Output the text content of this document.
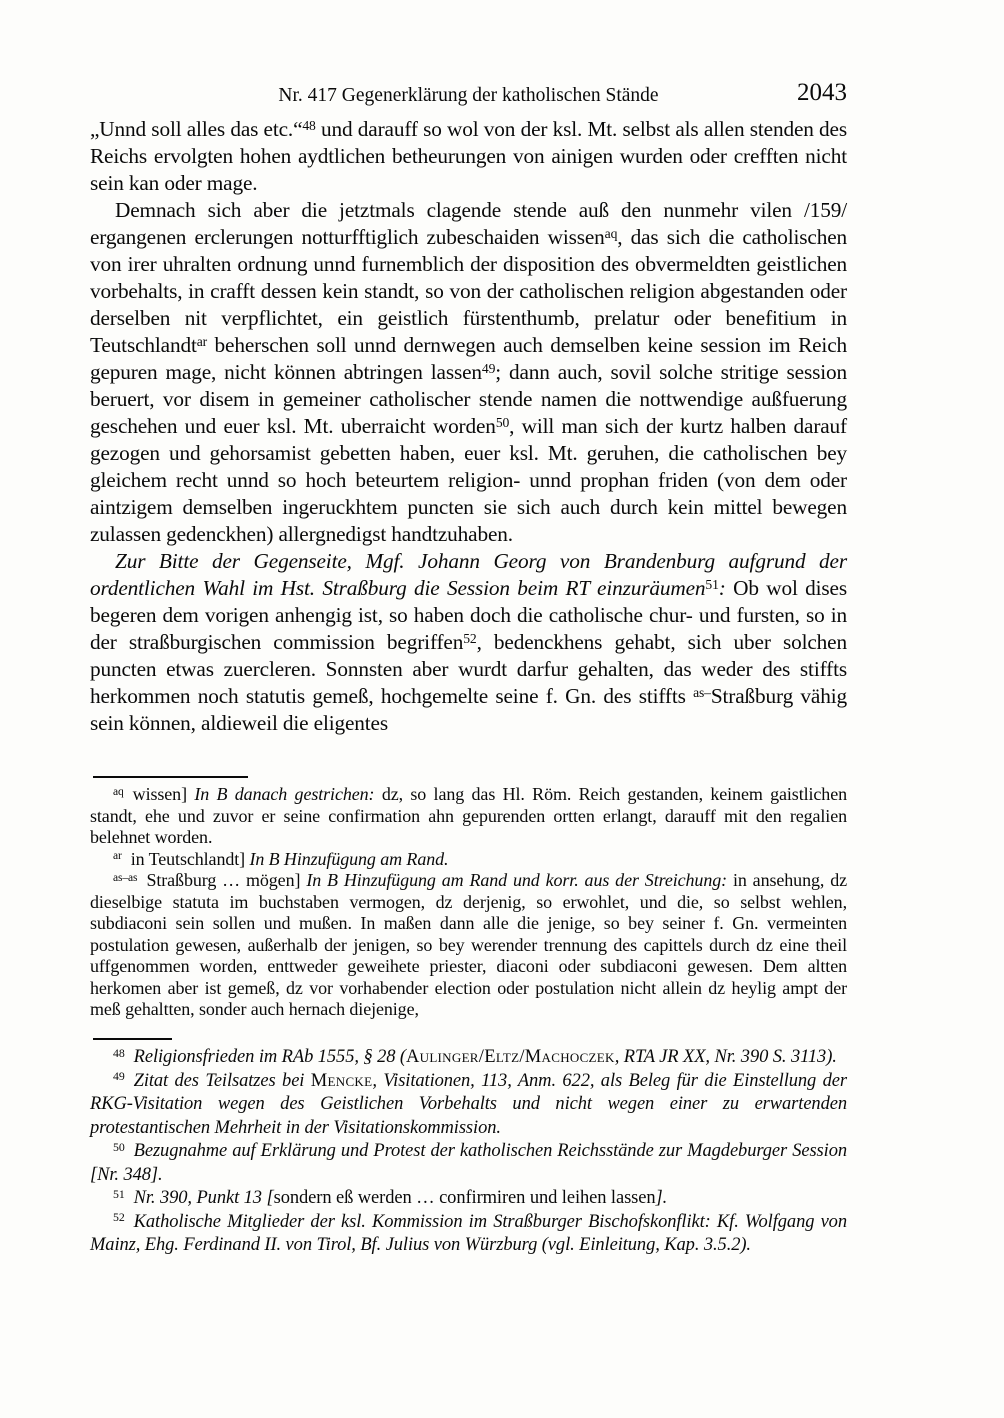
Nr. 417 Gegenerklärung der katholischen Stände	2043

„Unnd soll alles das etc.“$^{48}$ und darauff so wol von der ksl. Mt. selbst als allen stenden des Reichs ervolgten hohen aydtlichen betheurungen von ainigen wurden oder crefften nicht sein kan oder mage.

Demnach sich aber die jetztmals clagende stende auß den nunmehr vilen /159/ ergangenen erclerungen notturfftiglich zubeschaiden wissen$^{aq}$, das sich die catholischen von irer uhralten ordnung unnd furnemblich der disposition des obvermeldten geistlichen vorbehalts, in crafft dessen kein standt, so von der catholischen religion abgestanden oder derselben nit verpflichtet, ein geistlich fürstenthumb, prelatur oder benefitium in Teutschlandt$^{ar}$ beherschen soll unnd dernwegen auch demselben keine session im Reich gepuren mage, nicht können abtringen lassen$^{49}$; dann auch, sovil solche stritige session beruert, vor disem in gemeiner catholischer stende namen die nottwendige außfuerung geschehen und euer ksl. Mt. uberraicht worden$^{50}$, will man sich der kurtz halben darauf gezogen und gehorsamist gebetten haben, euer ksl. Mt. geruhen, die catholischen bey gleichem recht unnd so hoch beteurtem religion- unnd prophan friden (von dem oder aintzigem demselben ingeruckhtem puncten sie sich auch durch kein mittel bewegen zulassen gedenckhen) allergnedigst handtzuhaben.

Zur Bitte der Gegenseite, Mgf. Johann Georg von Brandenburg aufgrund der ordentlichen Wahl im Hst. Straßburg die Session beim RT einzuräumen$^{51}$: Ob wol dises begeren dem vorigen anhengig ist, so haben doch die catholische chur- und fursten, so in der straßburgischen commission begriffen$^{52}$, bedenckhens gehabt, sich uber solchen puncten etwas zuercleren. Sonnsten aber wurdt darfur gehalten, das weder des stiffts herkommen noch statutis gemeß, hochgemelte seine f. Gn. des stiffts $^{as-}$Straßburg vähig sein können, aldieweil die eligentes

$^{aq}$ wissen] In B danach gestrichen: dz, so lang das Hl. Röm. Reich gestanden, keinem gaistlichen standt, ehe und zuvor er seine confirmation ahn gepurenden ortten erlangt, darauff mit den regalien belehnet worden.

$^{ar}$ in Teutschlandt] In B Hinzufügung am Rand.

$^{as-as}$ Straßburg … mögen] In B Hinzufügung am Rand und korr. aus der Streichung: in ansehung, dz dieselbige statuta im buchstaben vermogen, dz derjenig, so erwohlet, und die, so selbst wehlen, subdiaconi sein sollen und mußen. In maßen dann alle die jenige, so bey seiner f. Gn. vermeinten postulation gewesen, außerhalb der jenigen, so bey werender trennung des capittels durch dz eine theil uffgenommen worden, enttweder geweihete priester, diaconi oder subdiaconi gewesen. Dem altten herkomen aber ist gemeß, dz vor vorhabender election oder postulation nicht allein dz heylig ampt der meß gehaltten, sonder auch hernach diejenige,

$^{48}$ Religionsfrieden im RAb 1555, § 28 (Aulinger/Eltz/Machoczek, RTA JR XX, Nr. 390 S. 3113).

$^{49}$ Zitat des Teilsatzes bei Mencke, Visitationen, 113, Anm. 622, als Beleg für die Einstellung der RKG-Visitation wegen des Geistlichen Vorbehalts und nicht wegen einer zu erwartenden protestantischen Mehrheit in der Visitationskommission.

$^{50}$ Bezugnahme auf Erklärung und Protest der katholischen Reichsstände zur Magdeburger Session [Nr. 348].

$^{51}$ Nr. 390, Punkt 13 [sondern eß werden … confirmiren und leihen lassen].

$^{52}$ Katholische Mitglieder der ksl. Kommission im Straßburger Bischofskonflikt: Kf. Wolfgang von Mainz, Ehg. Ferdinand II. von Tirol, Bf. Julius von Würzburg (vgl. Einleitung, Kap. 3.5.2).
